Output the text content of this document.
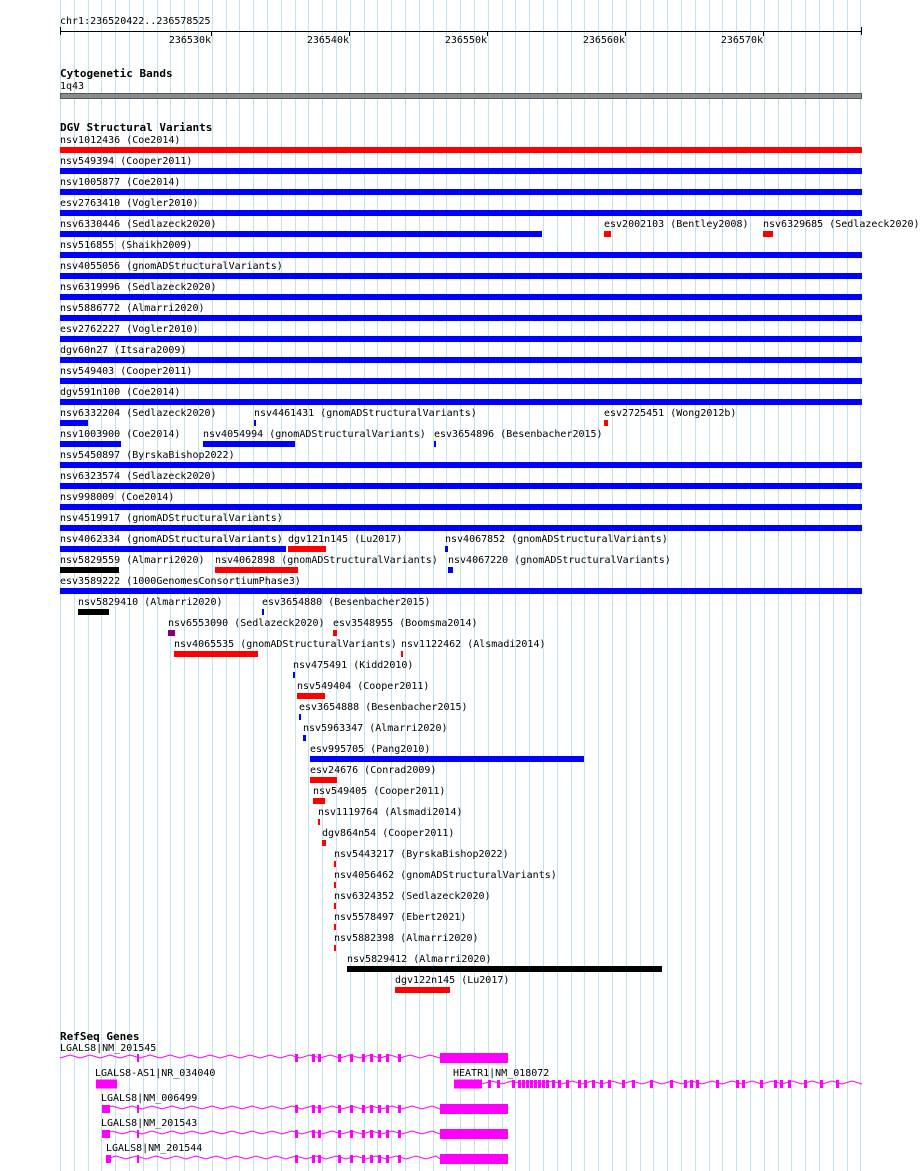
chr1:236520422..236578525
236530k	236540k	236550k	236560k	236570k
Cytogenetic Bands
1q43
DGV Structural Variants
nsv1012436 (Coe2014)
nsv549394 (Cooper2011)
nsv1005877 (Coe2014)
esv2763410 (Vogler2010)
nsv6330446 (Sedlazeck2020)	esv2002103 (Bentley2008) nsv6329685 (Sedlazeck2020)
nsv516855 (Shaikh2009)
nsv4055056 (gnomADStructuralVariants)
nsv6319996 (Sedlazeck2020)
nsv5886772 (Almarri2020)
esv2762227 (Vogler2010)
dgv60n27 (Itsara2009)
nsv549403 (Cooper2011)
dgv591n100 (Coe2014)
nsv6332204 (Sedlazeck2020)	nsv4461431 (gnomADStructuralVariants)	esv2725451 (Wong2012b)
nsv1003900 (Coe2014) nsv4054994 (gnomADStructuralVariants) esv3654896 (Besenbacher2015)
nsv5450897 (ByrskaBishop2022)
nsv6323574 (Sedlazeck2020)
nsv998009 (Coe2014)
nsv4519917 (gnomADStructuralVariants)
nsv4062334 (gnomADStructuralVariants) dgv121n145 (Lu2017)	nsv4067852 (gnomADStructuralVariants)
nsv5829559 (Almarri2020) nsv4062898 (gnomADStructuralVariants) nsv4067220 (gnomADStructuralVariants)
esv3589222 (1000GenomesConsortiumPhase3)
nsv5829410 (Almarri2020)	esv3654880 (Besenbacher2015)
nsv6553090 (Sedlazeck2020) esv3548955 (Boomsma2014)
nsv4065535 (gnomADStructuralVariants) nsv1122462 (Alsmadi2014)
nsv475491 (Kidd2010)
nsv549404 (Cooper2011)
esv3654888 (Besenbacher2015)
nsv5963347 (Almarri2020)
esv995705 (Pang2010)
esv24676 (Conrad2009)
nsv549405 (Cooper2011)
nsv1119764 (Alsmadi2014)
dgv864n54 (Cooper2011)
nsv5443217 (ByrskaBishop2022)
nsv4056462 (gnomADStructuralVariants)
nsv6324352 (Sedlazeck2020)
nsv5578497 (Ebert2021)
nsv5882398 (Almarri2020)
nsv5829412 (Almarri2020)
dgv122n145 (Lu2017)
RefSeq Genes
LGALS8|NM_201545
LGALS8-AS1|NR_034040	HEATR1|NM_018072
LGALS8|NM_006499
LGALS8|NM_201543
LGALS8|NM_201544
